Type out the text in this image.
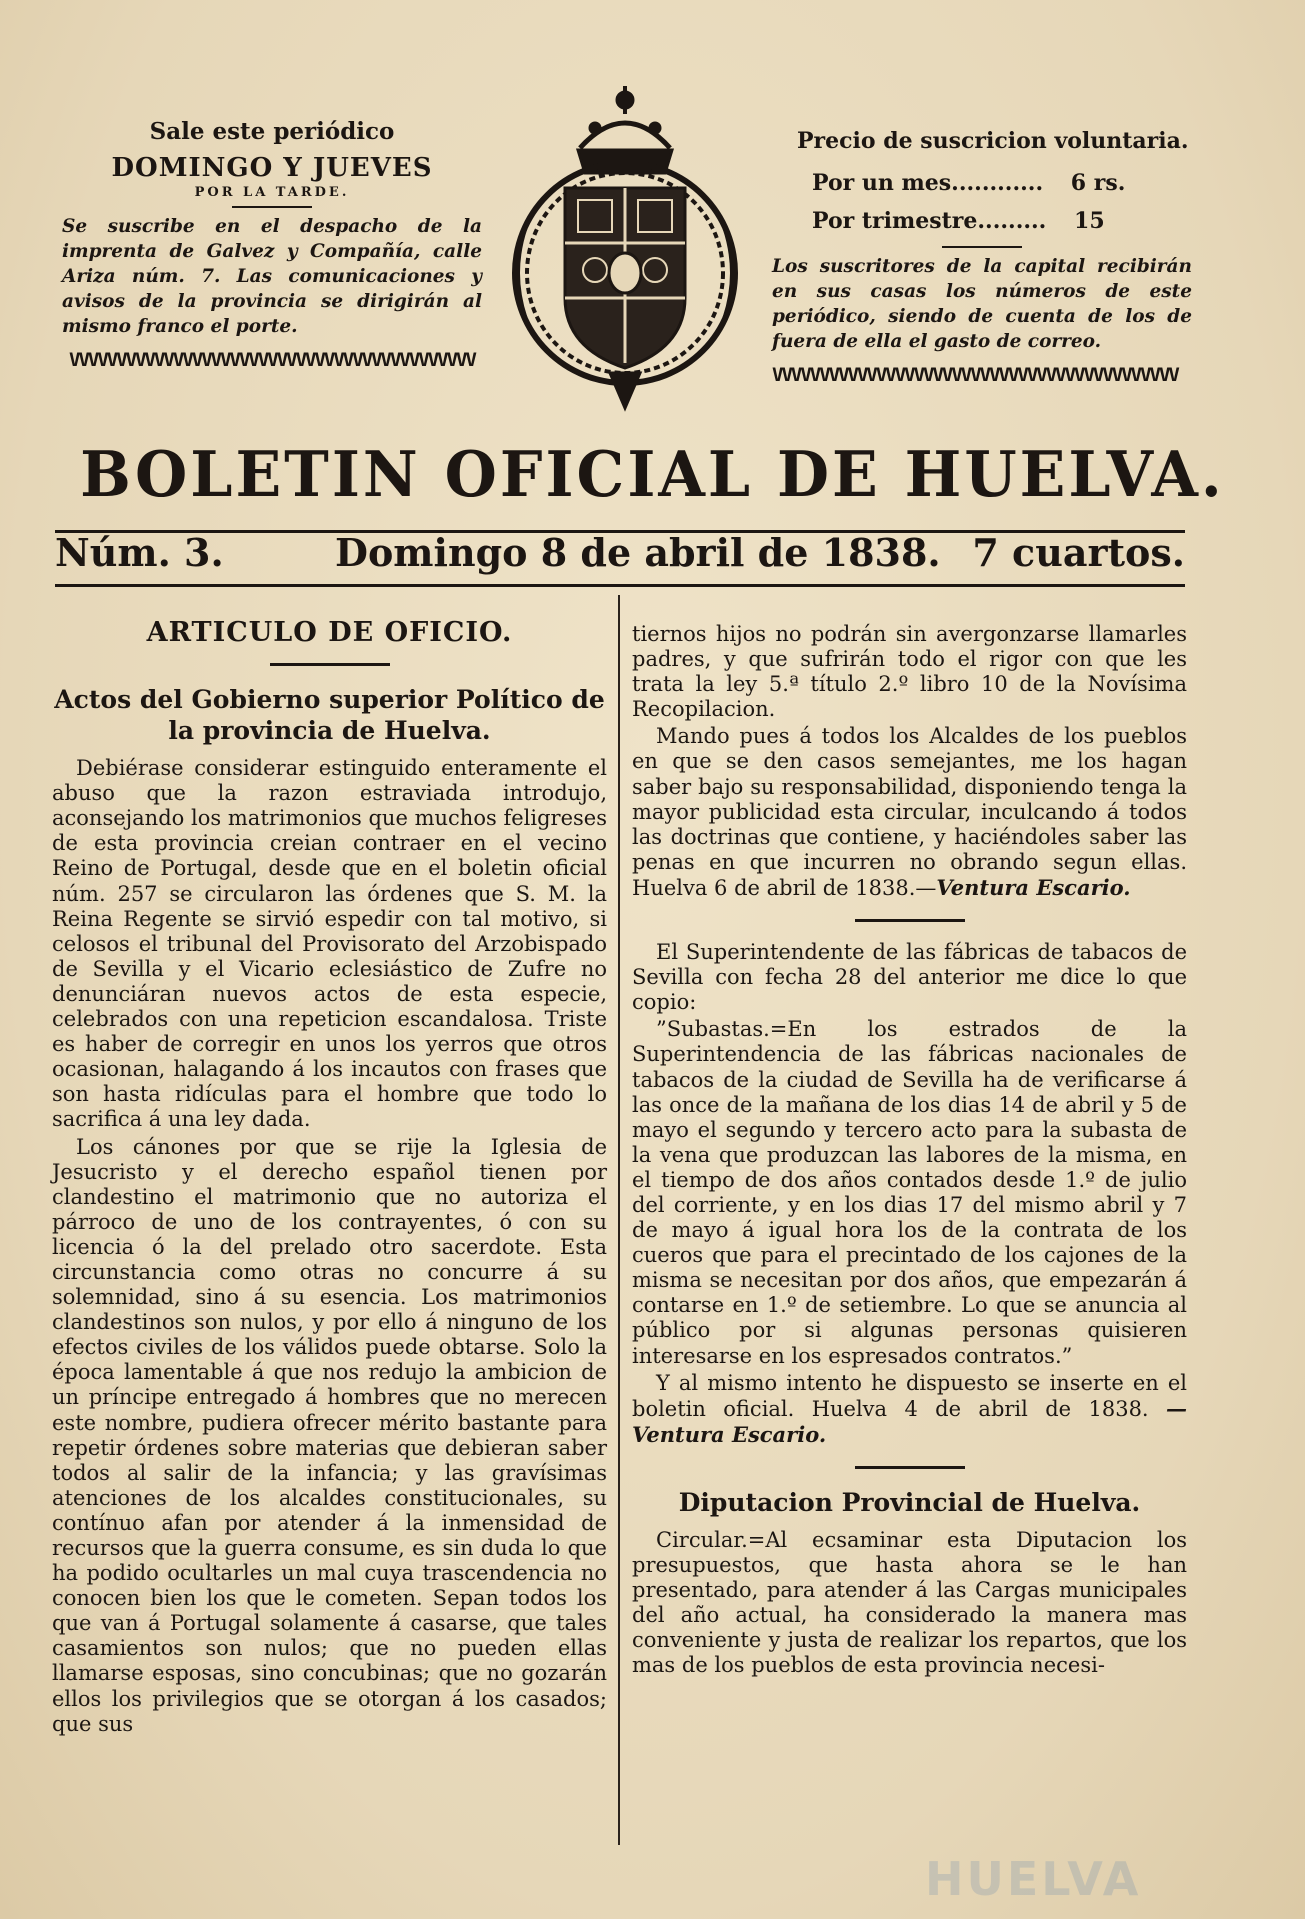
Sale este periódico
DOMINGO Y JUEVES
POR LA TARDE.
Se suscribe en el despacho de la imprenta de Galvez y Compañía, calle Ariza núm. 7. Las comunicaciones y avisos de la provincia se dirigirán al mismo franco el porte.
VVVVVVVVVVVVVVVVVVVVVVVVVVVVVVVVVVVVVVVVVVV
Precio de suscricion voluntaria.
Por un mes............ 6 rs.
Por trimestre......... 15
Los suscritores de la capital recibirán en sus casas los números de este periódico, siendo de cuenta de los de fuera de ella el gasto de correo.
VVVVVVVVVVVVVVVVVVVVVVVVVVVVVVVVVVVVVVVVVVV
BOLETIN OFICIAL DE HUELVA.
Núm. 3.	Domingo 8 de abril de 1838. 7 cuartos.
ARTICULO DE OFICIO.
Actos del Gobierno superior Político de la provincia de Huelva.

Debiérase considerar estinguido enteramente el abuso que la razon estraviada introdujo, aconsejando los matrimonios que muchos feligreses de esta provincia creian contraer en el vecino Reino de Portugal, desde que en el boletin oficial núm. 257 se circularon las órdenes que S. M. la Reina Regente se sirvió espedir con tal motivo, si celosos el tribunal del Provisorato del Arzobispado de Sevilla y el Vicario eclesiástico de Zufre no denunciáran nuevos actos de esta especie, celebrados con una repeticion escandalosa. Triste es haber de corregir en unos los yerros que otros ocasionan, halagando á los incautos con frases que son hasta ridículas para el hombre que todo lo sacrifica á una ley dada.

Los cánones por que se rije la Iglesia de Jesucristo y el derecho español tienen por clandestino el matrimonio que no autoriza el párroco de uno de los contrayentes, ó con su licencia ó la del prelado otro sacerdote. Esta circunstancia como otras no concurre á su solemnidad, sino á su esencia. Los matrimonios clandestinos son nulos, y por ello á ninguno de los efectos civiles de los válidos puede obtarse. Solo la época lamentable á que nos redujo la ambicion de un príncipe entregado á hombres que no merecen este nombre, pudiera ofrecer mérito bastante para repetir órdenes sobre materias que debieran saber todos al salir de la infancia; y las gravísimas atenciones de los alcaldes constitucionales, su contínuo afan por atender á la inmensidad de recursos que la guerra consume, es sin duda lo que ha podido ocultarles un mal cuya trascendencia no conocen bien los que le cometen. Sepan todos los que van á Portugal solamente á casarse, que tales casamientos son nulos; que no pueden ellas llamarse esposas, sino concubinas; que no gozarán ellos los privilegios que se otorgan á los casados; que sus

tiernos hijos no podrán sin avergonzarse llamarles padres, y que sufrirán todo el rigor con que les trata la ley 5.ª título 2.º libro 10 de la Novísima Recopilacion.

Mando pues á todos los Alcaldes de los pueblos en que se den casos semejantes, me los hagan saber bajo su responsabilidad, disponiendo tenga la mayor publicidad esta circular, inculcando á todos las doctrinas que contiene, y haciéndoles saber las penas en que incurren no obrando segun ellas. Huelva 6 de abril de 1838.—Ventura Escario.

El Superintendente de las fábricas de tabacos de Sevilla con fecha 28 del anterior me dice lo que copio:

”Subastas.=En los estrados de la Superintendencia de las fábricas nacionales de tabacos de la ciudad de Sevilla ha de verificarse á las once de la mañana de los dias 14 de abril y 5 de mayo el segundo y tercero acto para la subasta de la vena que produzcan las labores de la misma, en el tiempo de dos años contados desde 1.º de julio del corriente, y en los dias 17 del mismo abril y 7 de mayo á igual hora los de la contrata de los cueros que para el precintado de los cajones de la misma se necesitan por dos años, que empezarán á contarse en 1.º de setiembre. Lo que se anuncia al público por si algunas personas quisieren interesarse en los espresados contratos.”

Y al mismo intento he dispuesto se inserte en el boletin oficial. Huelva 4 de abril de 1838. —Ventura Escario.

Diputacion Provincial de Huelva.

Circular.=Al ecsaminar esta Diputacion los presupuestos, que hasta ahora se le han presentado, para atender á las Cargas municipales del año actual, ha considerado la manera mas conveniente y justa de realizar los repartos, que los mas de los pueblos de esta provincia necesi-

HUELVA
